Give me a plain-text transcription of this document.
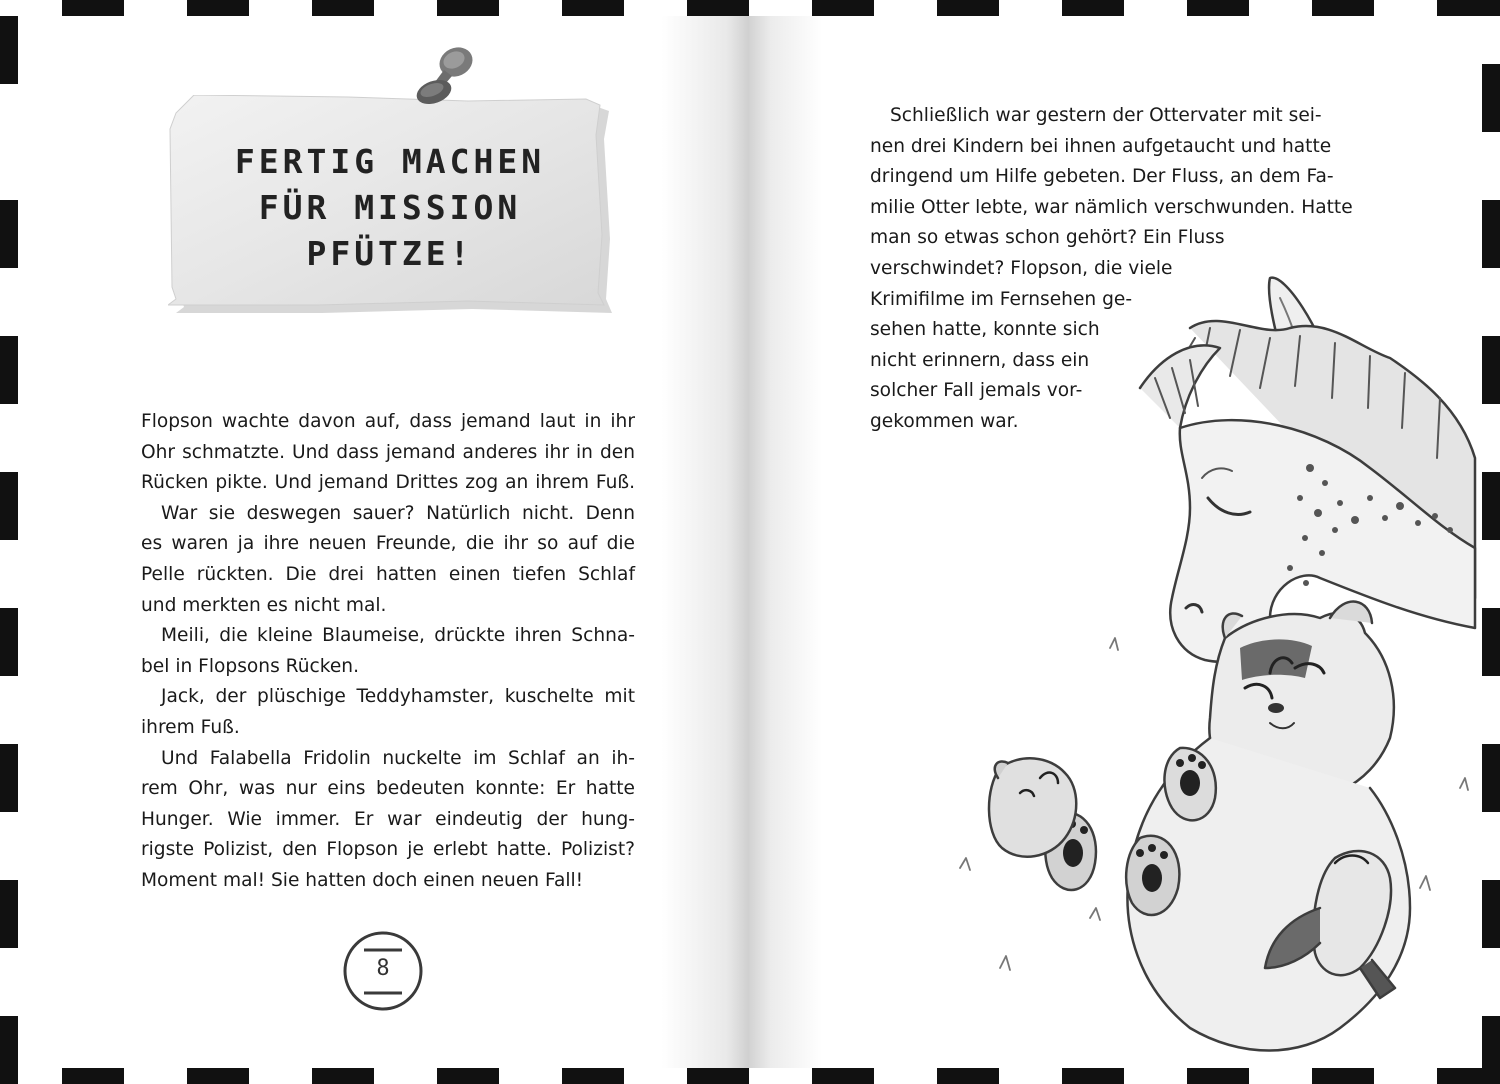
FERTIG MACHEN
FÜR MISSION
PFÜTZE!
Flopson wachte davon auf, dass jemand laut in ihr
Ohr schmatzte. Und dass jemand anderes ihr in den
Rücken pikte. Und jemand Drittes zog an ihrem Fuß.
War sie deswegen sauer? Natürlich nicht. Denn
es waren ja ihre neuen Freunde, die ihr so auf die
Pelle rückten. Die drei hatten einen tiefen Schlaf
und merkten es nicht mal.
Meili, die kleine Blaumeise, drückte ihren Schna-
bel in Flopsons Rücken.
Jack, der plüschige Teddyhamster, kuschelte mit
ihrem Fuß.
Und Falabella Fridolin nuckelte im Schlaf an ih-
rem Ohr, was nur eins bedeuten konnte: Er hatte
Hunger. Wie immer. Er war eindeutig der hung-
rigste Polizist, den Flopson je erlebt hatte. Polizist?
Moment mal! Sie hatten doch einen neuen Fall!
8
Schließlich war gestern der Ottervater mit sei-
nen drei Kindern bei ihnen aufgetaucht und hatte
dringend um Hilfe gebeten. Der Fluss, an dem Fa-
milie Otter lebte, war nämlich verschwunden. Hatte
man so etwas schon gehört? Ein Fluss
verschwindet? Flopson, die viele
Krimifilme im Fernsehen ge-
sehen hatte, konnte sich
nicht erinnern, dass ein
solcher Fall jemals vor-
gekommen war.
